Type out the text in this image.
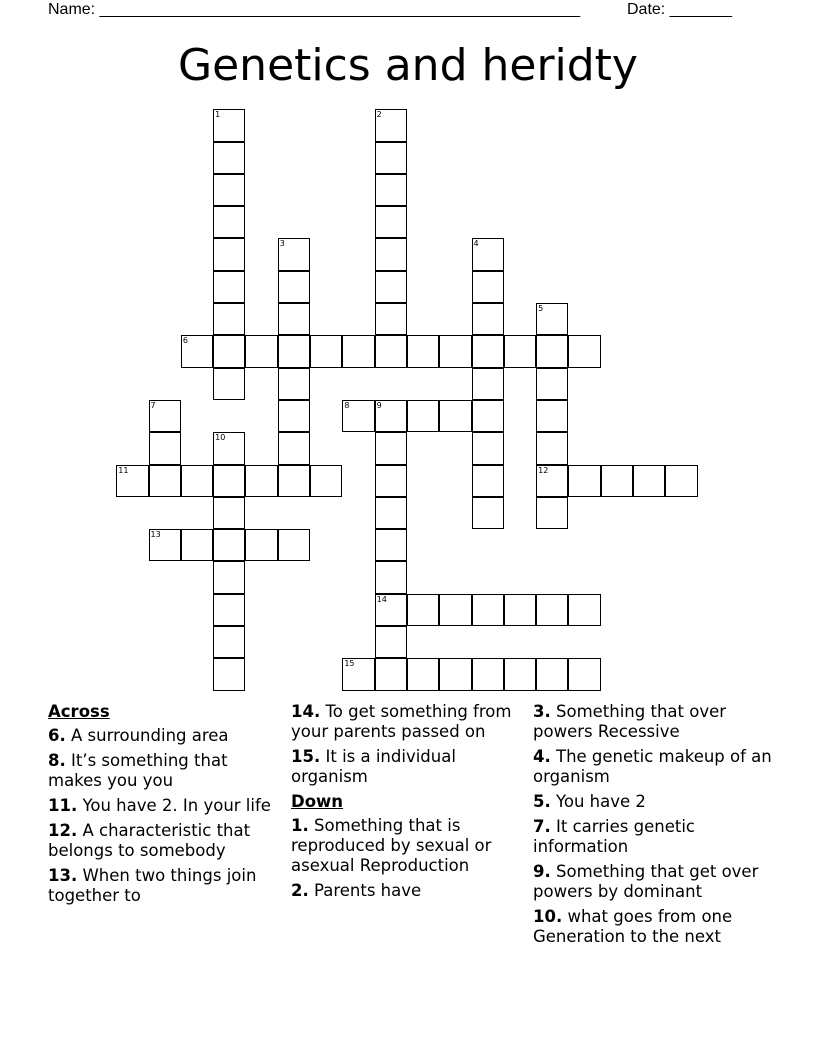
Name: ______________________________________________________	Date: _______
Genetics and heridty
1	2
3	4
5
12
6
7	8	9
14
10
11
13
15
Across
6. A surrounding area
8. It’s something that makes you you
11. You have 2. In your life
12. A characteristic that belongs to somebody
13. When two things join together to
14. To get something from your parents passed on
15. It is a individual organism
Down
1. Something that is reproduced by sexual or asexual Reproduction
2. Parents have
3. Something that over powers Recessive
4. The genetic makeup of an organism
5. You have 2
7. It carries genetic information
9. Something that get over powers by dominant
10. what goes from one Generation to the next
